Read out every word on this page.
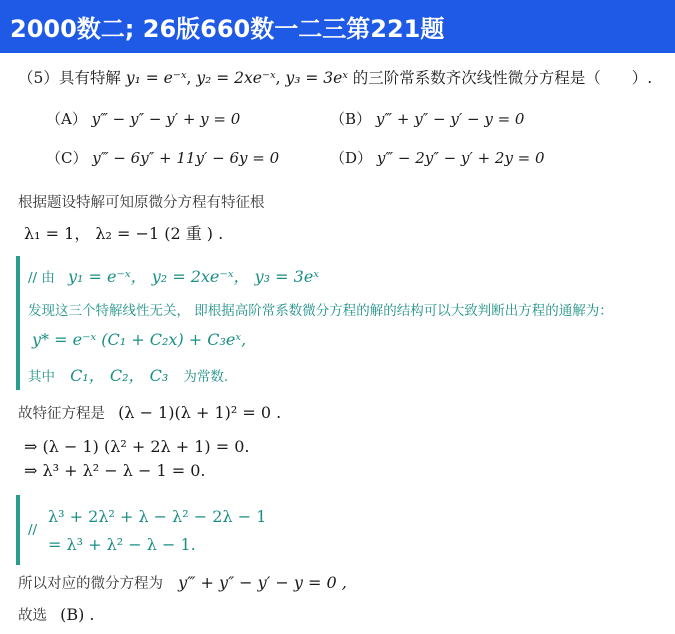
2000数二; 26版660数一二三第221题
（5）具有特解 y₁ = e⁻ˣ, y₂ = 2xe⁻ˣ, y₃ = 3eˣ 的三阶常系数齐次线性微分方程是（　　）.
（A） y‴ − y″ − y′ + y = 0	（B） y‴ + y″ − y′ − y = 0
（C） y‴ − 6y″ + 11y′ − 6y = 0	（D） y‴ − 2y″ − y′ + 2y = 0
根据题设特解可知原微分方程有特征根
λ₁ = 1， λ₂ = −1 (2 重 ) .
// 由 y₁ = e⁻ˣ， y₂ = 2xe⁻ˣ， y₃ = 3eˣ
发现这三个特解线性无关， 即根据高阶常系数微分方程的解的结构可以大致判断出方程的通解为：
y* = e⁻ˣ (C₁ + C₂x) + C₃eˣ,
其中 C₁， C₂， C₃ 为常数.
故特征方程是 (λ − 1)(λ + 1)² = 0 .
⇒ (λ − 1) (λ² + 2λ + 1) = 0.
⇒ λ³ + λ² − λ − 1 = 0.
//
λ³ + 2λ² + λ − λ² − 2λ − 1
= λ³ + λ² − λ − 1.
所以对应的微分方程为 y‴ + y″ − y′ − y = 0 ,
故选 (B) .
